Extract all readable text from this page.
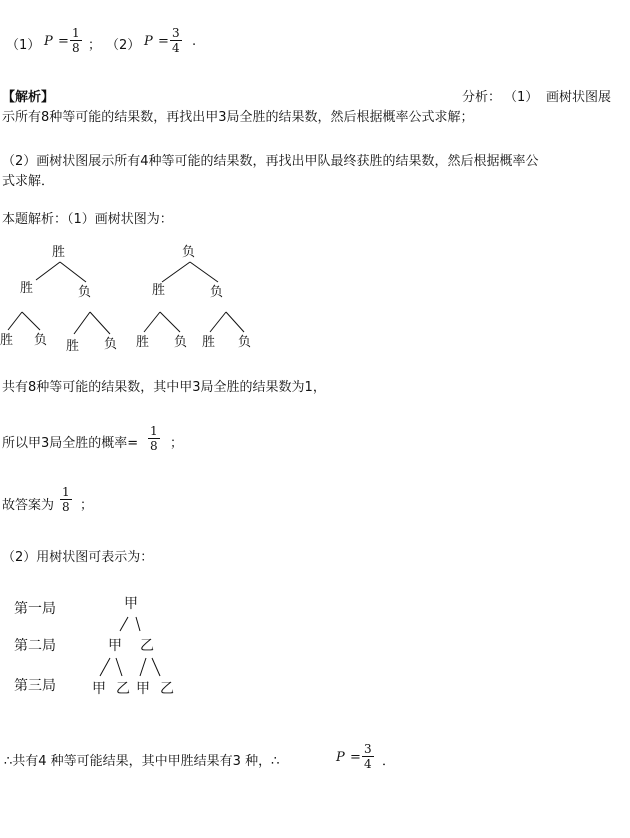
（1） $P = \frac{1}{8}$ ； （2） $P = \frac{3}{4}$ .
【解析】	分析： （1） 画树状图展
示所有8种等可能的结果数，再找出甲3局全胜的结果数，然后根据概率公式求解；
（2）画树状图展示所有4种等可能的结果数，再找出甲队最终获胜的结果数，然后根据概率公
式求解．
本题解析：（1）画树状图为：
胜
胜	负
胜 负 胜 负
负
胜	负
胜 负 胜 负
共有8种等可能的结果数，其中甲3局全胜的结果数为1，
所以甲3局全胜的概率= $\frac{1}{8}$ ；
故答案为 $\frac{1}{8}$ ；
（2）用树状图可表示为：
第一局
第二局
第三局
甲
甲 乙
甲 乙 甲 乙
∴共有4 种等可能结果，其中甲胜结果有3 种，∴	$P = \frac{3}{4}$ ．
